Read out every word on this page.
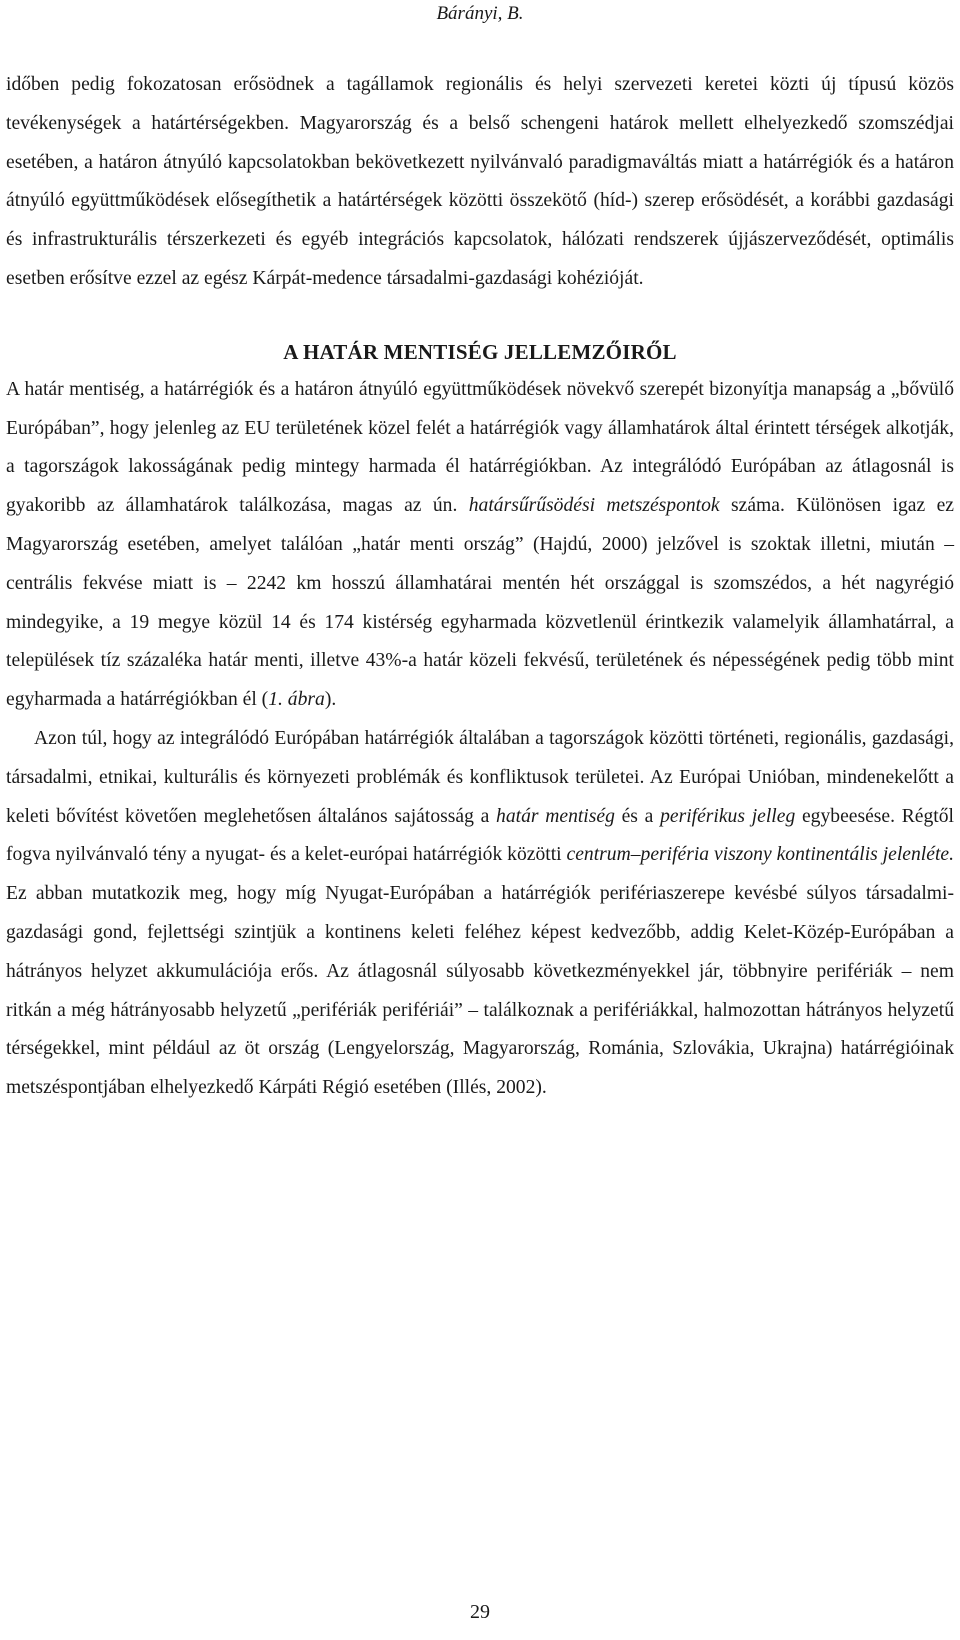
Bárányi, B.

időben pedig fokozatosan erősödnek a tagállamok regionális és helyi szervezeti keretei közti új típusú közös tevékenységek a határtérségekben. Magyarország és a belső schengeni határok mellett elhelyezkedő szomszédjai esetében, a határon átnyúló kapcsolatokban bekövetkezett nyilvánvaló paradigmaváltás miatt a határrégiók és a határon átnyúló együttműködések elősegíthetik a határtérségek közötti összekötő (híd-) szerep erősödését, a korábbi gazdasági és infrastrukturális térszerkezeti és egyéb integrációs kapcsolatok, hálózati rendszerek újjászerveződését, optimális esetben erősítve ezzel az egész Kárpát-medence társadalmi-gazdasági kohézióját.

A HATÁR MENTISÉG JELLEMZŐIRŐL

A határ mentiség, a határrégiók és a határon átnyúló együttműködések növekvő szerepét bizonyítja manapság a „bővülő Európában”, hogy jelenleg az EU területének közel felét a határrégiók vagy államhatárok által érintett térségek alkotják, a tagországok lakosságának pedig mintegy harmada él határrégiókban. Az integrálódó Európában az átlagosnál is gyakoribb az államhatárok találkozása, magas az ún. határsűrűsödési metszéspontok száma. Különösen igaz ez Magyarország esetében, amelyet találóan „határ menti ország” (Hajdú, 2000) jelzővel is szoktak illetni, miután – centrális fekvése miatt is – 2242 km hosszú államhatárai mentén hét országgal is szomszédos, a hét nagyrégió mindegyike, a 19 megye közül 14 és 174 kistérség egyharmada közvetlenül érintkezik valamelyik államhatárral, a települések tíz százaléka határ menti, illetve 43%-a határ közeli fekvésű, területének és népességének pedig több mint egyharmada a határrégiókban él (1. ábra).

Azon túl, hogy az integrálódó Európában határrégiók általában a tagországok közötti történeti, regionális, gazdasági, társadalmi, etnikai, kulturális és környezeti problémák és konfliktusok területei. Az Európai Unióban, mindenekelőtt a keleti bővítést követően meglehetősen általános sajátosság a határ mentiség és a periférikus jelleg egybeesése. Régtől fogva nyilvánvaló tény a nyugat- és a kelet-európai határrégiók közötti centrum–periféria viszony kontinentális jelenléte. Ez abban mutatkozik meg, hogy míg Nyugat-Európában a határrégiók perifériaszerepe kevésbé súlyos társadalmi-gazdasági gond, fejlettségi szintjük a kontinens keleti feléhez képest kedvezőbb, addig Kelet-Közép-Európában a hátrányos helyzet akkumulációja erős. Az átlagosnál súlyosabb következményekkel jár, többnyire perifériák – nem ritkán a még hátrányosabb helyzetű „perifériák perifériái” – találkoznak a perifériákkal, halmozottan hátrányos helyzetű térségekkel, mint például az öt ország (Lengyelország, Magyarország, Románia, Szlovákia, Ukrajna) határrégióinak metszéspontjában elhelyezkedő Kárpáti Régió esetében (Illés, 2002).

29
